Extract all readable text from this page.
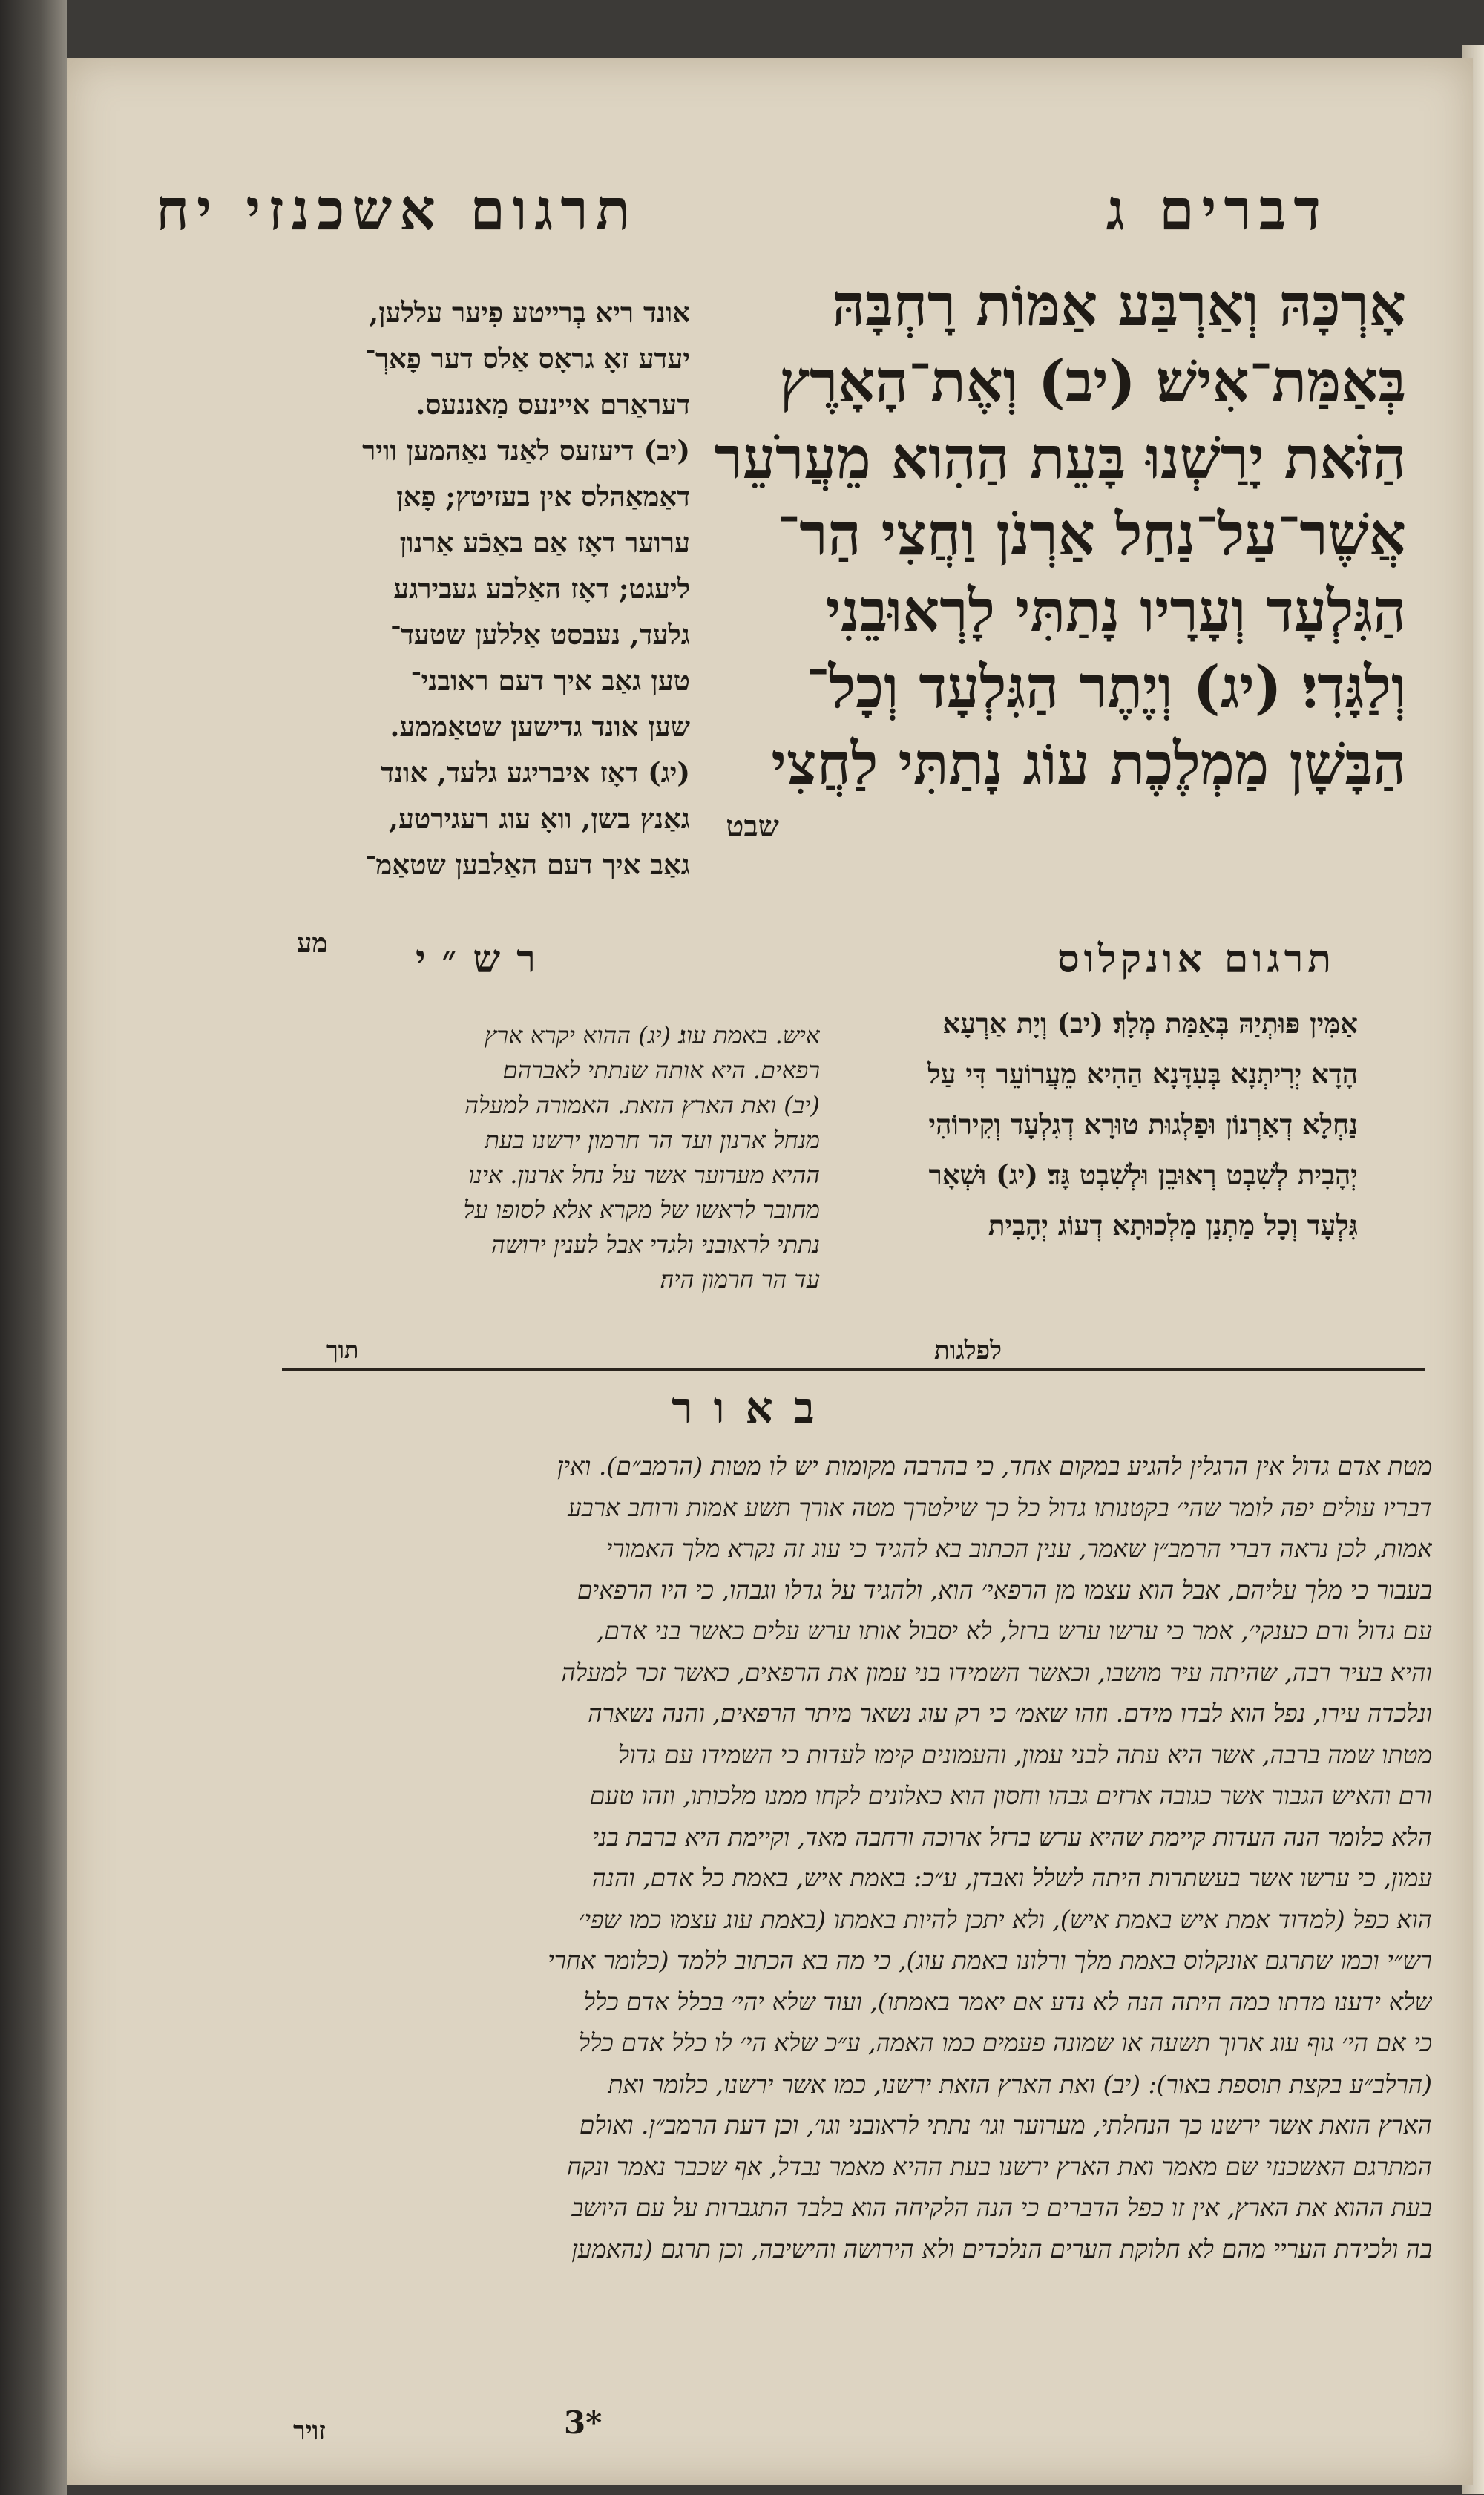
דברים ג
תרגום אשכנזי יח

אָרְכָּהּ וְאַרְבַּע אַמּוֹת רָחְבָּהּ

בְּאַמַּת־אִישׁ׃ (יב) וְאֶת־הָאָרֶץ

הַזֹּאת יָרַשְׁנוּ בָּעֵת הַהִוא מֵעֲרֹעֵר

אֲשֶׁר־עַל־נַחַל אַרְנֹן וַחֲצִי הַר־

הַגִּלְעָד וְעָרָיו נָתַתִּי לָרְאוּבֵנִי

וְלַגָּדִי׃ (יג) וְיֶתֶר הַגִּלְעָד וְכָל־

הַבָּשָׁן מַמְלֶכֶת עוֹג נָתַתִּי לַחֲצִי

שבט

אונד ריא בְרייטע פִיער עללען,

יעדע זאָ גראָס אַלס דער פָארְ־

דעראַרם איינעס מַאננעס.

(יב) דיעזעס לאַנד נאַהמען וויר

דאַמאַהלס אין בעזיטץ; פָאן

ערוער דאָז אַם באַכֿע אַרנון

ליעגט; דאָז האַלבע געבירגע

גלעד, נעבסט אַללען שטעד־

טען גאַב איך דעם ראובני־

שען אונד גדישען שטאַממע.

(יג) דאָז איבריגע גלעד, אונד

גאַנץ בשן, וואָ עוג רעגירטע,

גאַב איך דעם האַלבען שטאַמ־

מע	תרגום אונקלוס
רש״י

אַמִּין פּוּתְיַהּ בְּאַמַּת מְלָךְ׃ (יב) וְיָת אַרְעָא

הָדָא יְרִיתְנָא בְּעִדָּנָא הַהִיא מֵעֲרוֹעֵר דִּי עַל

נַחְלָא דְאַרְנוֹן וּפַלְגוּת טוּרָא דְגִלְעָד וְקִירוֹהִי

יְהָבִית לְשִׁבְט רְאוּבֵן וּלְשִׁבְט גָּד׃ (יג) וּשְׁאָר

גִּלְעָד וְכָל מַתְנַן מַלְכוּתָא דְעוֹג יְהָבִית

לפלגות

איש. באמת עוג׃ (יג) ההוא יקרא ארץ

רפאים. היא אותה שנתתי לאברהם׃

(יב) ואת הארץ הזאת. האמורה למעלה

מנחל ארנון ועד הר חרמון׃ ירשנו בעת

ההיא מערוער אשר על נחל ארנון. אינו

מחובר לראשו של מקרא אלא לסופו על

נתתי לראובני ולגדי אבל לענין ירושה

עד הר חרמון היה׃

תוך
באור

מטת אדם גדול אין הרגלין להגיע במקום אחד, כי בהרבה מקומות יש לו מטות (הרמב״ם). ואין

דבריו עולים יפה לומר שהי׳ בקטנותו גדול כל כך שילטרך מטה אורך תשע אמות ורוחב ארבע

אמות, לכן נראה דברי הרמב״ן שאמר, ענין הכתוב בא להגיד כי עוג זה נקרא מלך האמורי

בעבור כי מלך עליהם, אבל הוא עצמו מן הרפאי׳ הוא, ולהגיד על גדלו וגבהו, כי היו הרפאים

עם גדול ורם כענקי׳, אמר כי ערשו ערש ברזל, לא יסבול אותו ערש עלים כאשר בני אדם,

והיא בעיר רבה, שהיתה עיר מושבו, וכאשר השמידו בני עמון את הרפאים, כאשר זכר למעלה

ונלכדה עירו, נפל הוא לבדו מידם. וזהו שאמ׳ כי רק עוג נשאר מיתר הרפאים, והנה נשארה

מטתו שמה ברבה, אשר היא עתה לבני עמון, והעמונים קימו לעדות כי השמידו עם גדול

ורם והאיש הגבור אשר כגובה ארזים גבהו וחסון הוא כאלונים לקחו ממנו מלכותו, וזהו טעם

הלא כלומר הנה העדות קיימת שהיא ערש ברזל ארוכה ורחבה מאד, וקיימת היא ברבת בני

עמון, כי ערשו אשר בעשתרות היתה לשלל ואבדן, ע״כ: באמת איש, באמת כל אדם, והנה

הוא כפל (למדוד אמת איש באמת איש), ולא יתכן להיות באמתו (באמת עוג עצמו כמו שפי׳

רש״י וכמו שתרגם אונקלוס באמת מלך ורלונו באמת עוג), כי מה בא הכתוב ללמד (כלומר אחרי

שלא ידענו מדתו כמה היתה הנה לא נדע אם יאמר באמתו), ועוד שלא יהי׳ בכלל אדם כלל

כי אם הי׳ גוף עוג ארוך תשעה או שמונה פעמים כמו האמה, ע״כ שלא הי׳ לו כלל אדם כלל

(הרלב״ע בקצת תוספת באור): (יב) ואת הארץ הזאת ירשנו, כמו אשר ירשנו, כלומר ואת

הארץ הזאת אשר ירשנו כך הנחלתי, מערוער וגו׳ נתתי לראובני וגו׳, וכן דעת הרמב״ן. ואולם

המתרגם האשכנזי שם מאמר ואת הארץ ירשנו בעת ההיא מאמר נבדל, אף שכבר נאמר ונקח

בעת ההוא את הארץ, אין זו כפל הדברים כי הנה הלקיחה הוא בלבד התגברות על עם היושב

בה ולכידת העריי מהם לא חלוקת הערים הנלכדים ולא הירושה והישיבה, וכן תרגם (נהאמען

זויר	3*
